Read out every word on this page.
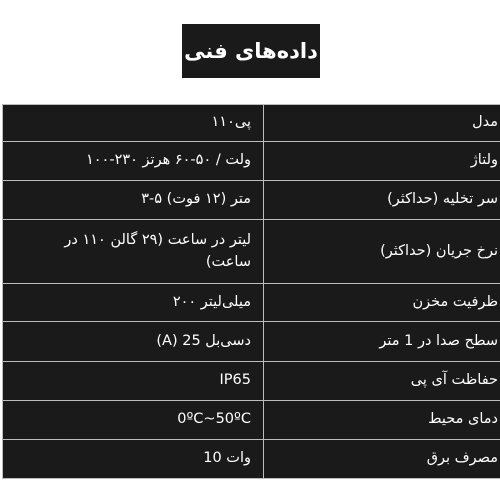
داده‌های فنی
پی۱۱۰	مدل
ولت / ۵۰-۶۰ هرتز ۲۳۰-۱۰۰	ولتاژ
متر (۱۲ فوت) ۵-۳	سر تخلیه (حداکثر)
لیتر در ساعت (۲۹ گالن ۱۱۰ در ساعت)	نرخ جریان (حداکثر)
میلی‌لیتر ۲۰۰	ظرفیت مخزن
دسی‌بل 25 (A)	سطح صدا در 1 متر
IP65	حفاظت آی پی
0ºC~50ºC	دمای محیط
وات 10	مصرف برق
